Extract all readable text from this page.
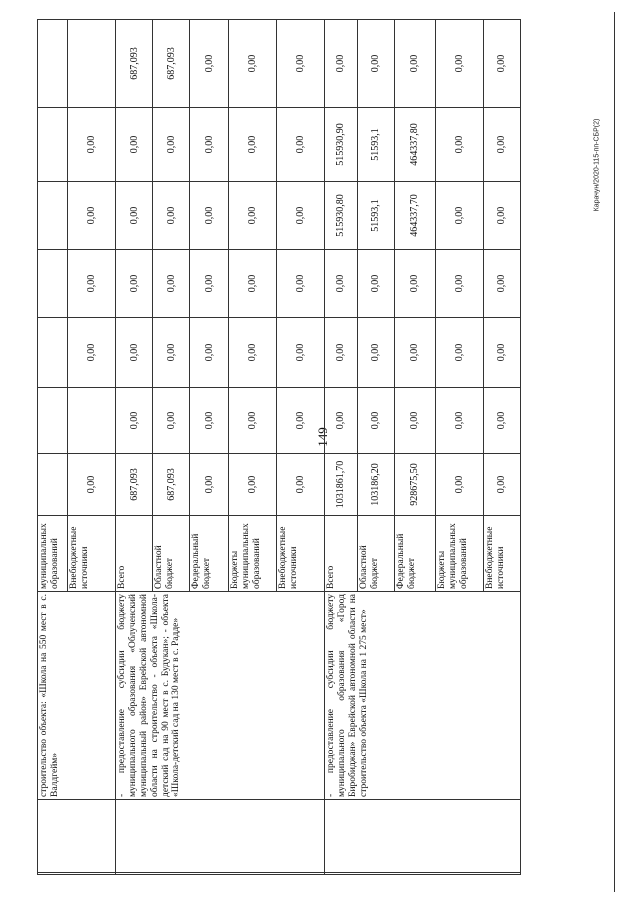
149
Карачун/2020-115-пп-СБР(2)
		строительство объекта: «Школа на 550 мест в с. Валдгейм»	муниципальных образований								
			Внебюджетные источники	0,00		0,00	0,00	0,00	0,00		
		- предоставление субсидии бюджету муниципального образования «Облученский муниципальный район» Еврейской автономной области на строительство - объекта «Школа-детский сад на 90 мест в с. Будукан»; - объекта «Школа-детский сад на 130 мест в с. Радде»	Всего	687,093	0,00	0,00	0,00	0,00	0,00	687,093	
			Областной бюджет	687,093	0,00	0,00	0,00	0,00	0,00	687,093	
			Федеральный бюджет	0,00	0,00	0,00	0,00	0,00	0,00	0,00	
			Бюджеты муниципальных образований	0,00	0,00	0,00	0,00	0,00	0,00	0,00	
			Внебюджетные источники	0,00	0,00	0,00	0,00	0,00	0,00	0,00	
		- предоставление субсидии бюджету муниципального образования «Город Биробиджан» Еврейской автономной области на строительство объекта «Школа на 1 275 мест»	Всего	1031861,70	0,00	0,00	0,00	515930,80	515930,90	0,00	
			Областной бюджет	103186,20	0,00	0,00	0,00	51593,1	51593,1	0,00	
			Федеральный бюджет	928675,50	0,00	0,00	0,00	464337,70	464337,80	0,00	
			Бюджеты муниципальных образований	0,00	0,00	0,00	0,00	0,00	0,00	0,00	
			Внебюджетные источники	0,00	0,00	0,00	0,00	0,00	0,00	0,00	
